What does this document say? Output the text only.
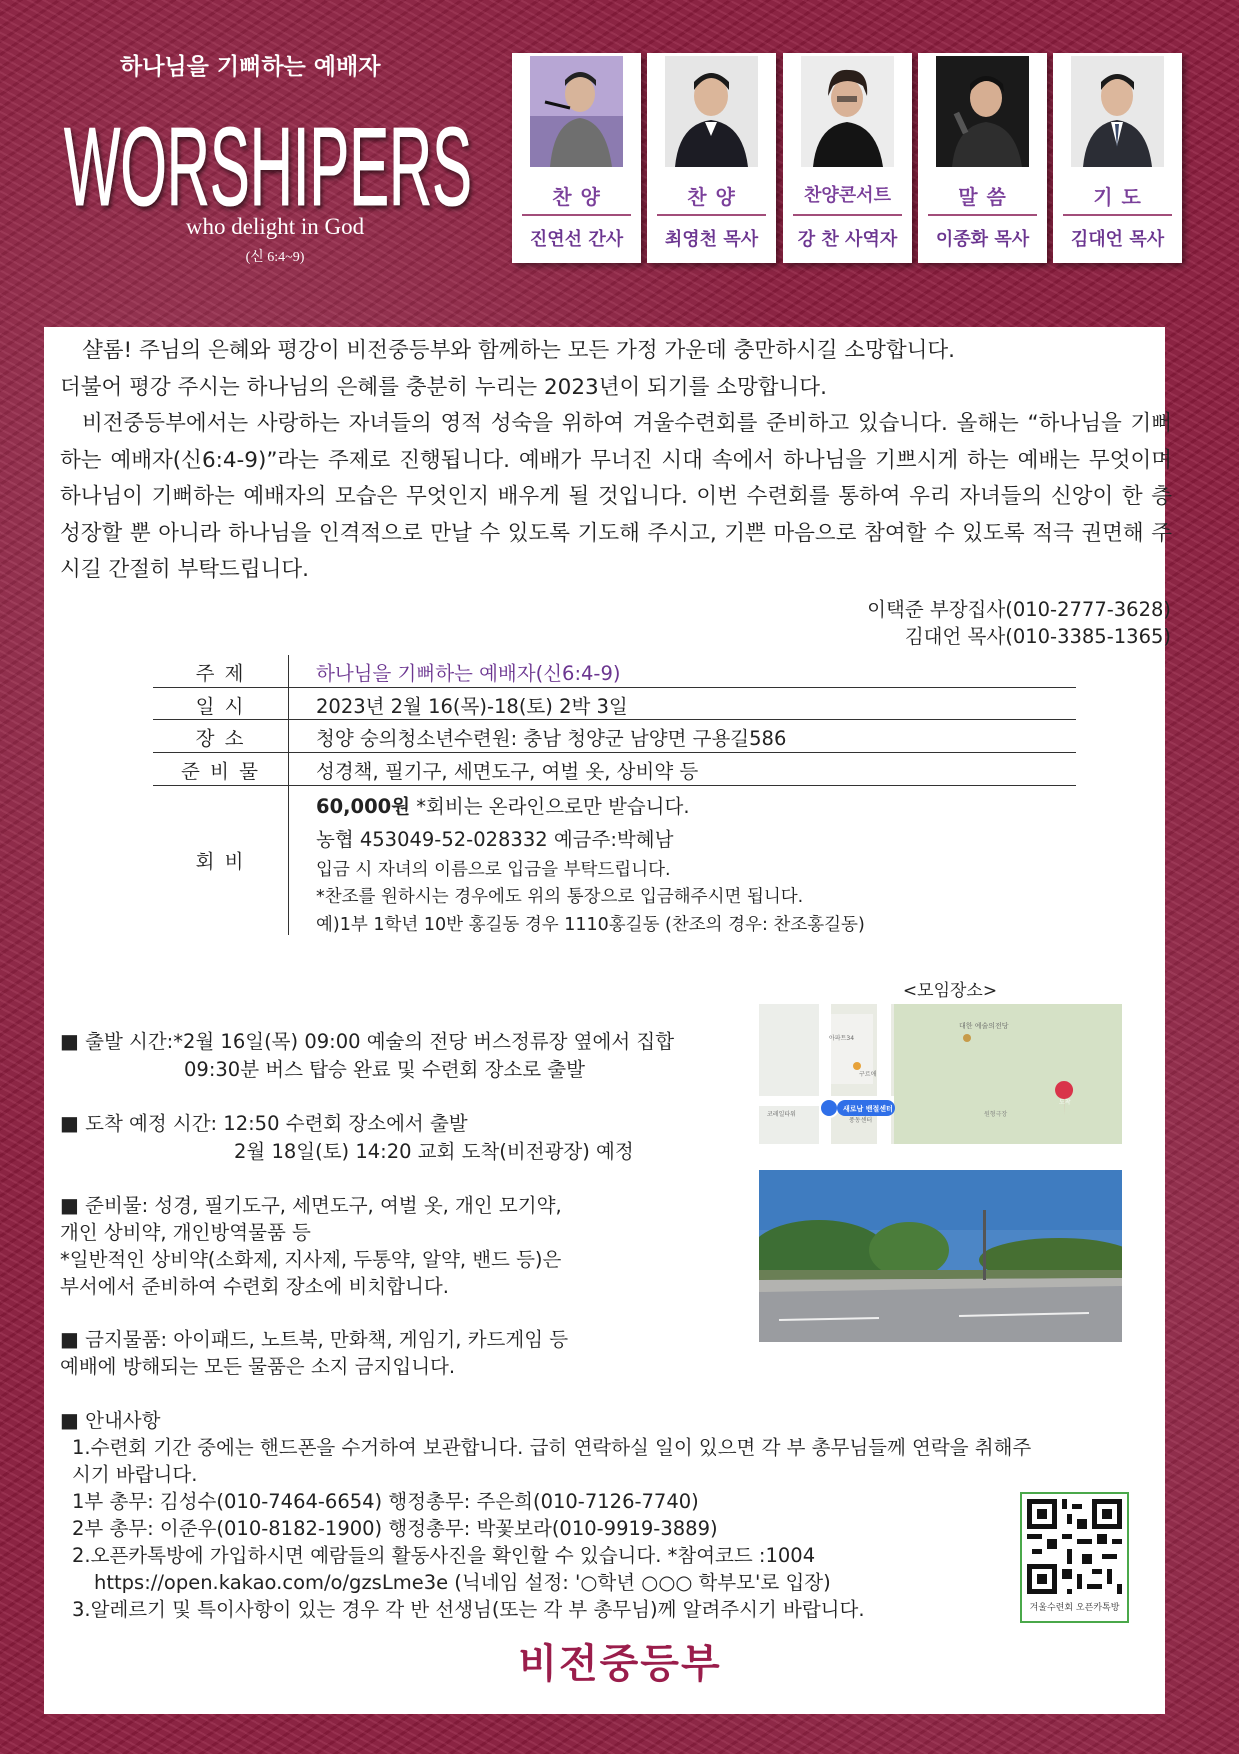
하나님을 기뻐하는 예배자
WORSHIPERS
who delight in God
(신 6:4~9)
찬 양
진연선 간사
찬 양
최영천 목사
찬양콘서트
강 찬 사역자
말 씀
이종화 목사
기 도
김대언 목사

샬롬! 주님의 은혜와 평강이 비전중등부와 함께하는 모든 가정 가운데 충만하시길 소망합니다.

더불어 평강 주시는 하나님의 은혜를 충분히 누리는 2023년이 되기를 소망합니다.

비전중등부에서는 사랑하는 자녀들의 영적 성숙을 위하여 겨울수련회를 준비하고 있습니다. 올해는 “하나님을 기뻐하는 예배자(신6:4-9)”라는 주제로 진행됩니다. 예배가 무너진 시대 속에서 하나님을 기쁘시게 하는 예배는 무엇이며 하나님이 기뻐하는 예배자의 모습은 무엇인지 배우게 될 것입니다. 이번 수련회를 통하여 우리 자녀들의 신앙이 한 층 성장할 뿐 아니라 하나님을 인격적으로 만날 수 있도록 기도해 주시고, 기쁜 마음으로 참여할 수 있도록 적극 권면해 주시길 간절히 부탁드립니다.

이택준 부장집사(010-2777-3628)
김대언 목사(010-3385-1365)
주 제	하나님을 기뻐하는 예배자(신6:4-9)
일 시	2023년 2월 16(목)-18(토) 2박 3일
장 소	청양 숭의청소년수련원: 충남 청양군 남양면 구용길586
준 비 물	성경책, 필기구, 세면도구, 여벌 옷, 상비약 등
회 비
60,000원 *회비는 온라인으로만 받습니다.
농협 453049-52-028332 예금주:박혜남
입금 시 자녀의 이름으로 입금을 부탁드립니다.
*찬조를 원하시는 경우에도 위의 통장으로 입금해주시면 됩니다.
예)1부 1학년 10반 홍길동 경우 1110홍길동 (찬조의 경우: 찬조홍길동)
■ 출발 시간:*2월 16일(목) 09:00 예술의 전당 버스정류장 옆에서 집합
09:30분 버스 탑승 완료 및 수련회 장소로 출발
■ 도착 예정 시간: 12:50 수련회 장소에서 출발
2월 18일(토) 14:20 교회 도착(비전광장) 예정
■ 준비물: 성경, 필기도구, 세면도구, 여벌 옷, 개인 모기약,
개인 상비약, 개인방역물품 등
*일반적인 상비약(소화제, 지사제, 두통약, 알약, 밴드 등)은
부서에서 준비하여 수련회 장소에 비치합니다.
■ 금지물품: 아이패드, 노트북, 만화책, 게임기, 카드게임 등
예배에 방해되는 모든 물품은 소지 금지입니다.
<모임장소>
대한 예술의전당
아파트34
구르애
코레일타워
풍동센터
원형극장
새로남 밴절센터
도착
■ 안내사항
1.수련회 기간 중에는 핸드폰을 수거하여 보관합니다. 급히 연락하실 일이 있으면 각 부 총무님들께 연락을 취해주
시기 바랍니다.
1부 총무: 김성수(010-7464-6654) 행정총무: 주은희(010-7126-7740)
2부 총무: 이준우(010-8182-1900) 행정총무: 박꽃보라(010-9919-3889)
2.오픈카톡방에 가입하시면 예람들의 활동사진을 확인할 수 있습니다. *참여코드 :1004
https://open.kakao.com/o/gzsLme3e (닉네임 설정: '○학년 ○○○ 학부모'로 입장)
3.알레르기 및 특이사항이 있는 경우 각 반 선생님(또는 각 부 총무님)께 알려주시기 바랍니다.	겨울수련회 오픈카톡방
비전중등부
